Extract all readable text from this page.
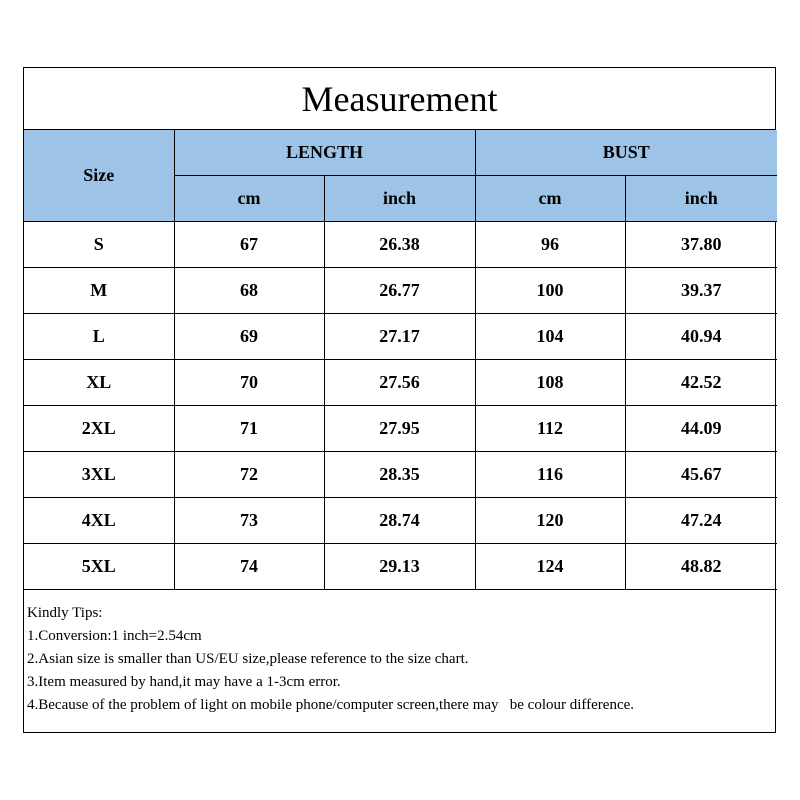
Measurement
Size	LENGTH		BUST	
	cm	inch	cm	inch
S	67	26.38	96	37.80
M	68	26.77	100	39.37
L	69	27.17	104	40.94
XL	70	27.56	108	42.52
2XL	71	27.95	112	44.09
3XL	72	28.35	116	45.67
4XL	73	28.74	120	47.24
5XL	74	29.13	124	48.82
Kindly Tips:
1.Conversion:1 inch=2.54cm
2.Asian size is smaller than US/EU size,please reference to the size chart.
3.Item measured by hand,it may have a 1-3cm error.
4.Because of the problem of light on mobile phone/computer screen,there may   be colour difference.
